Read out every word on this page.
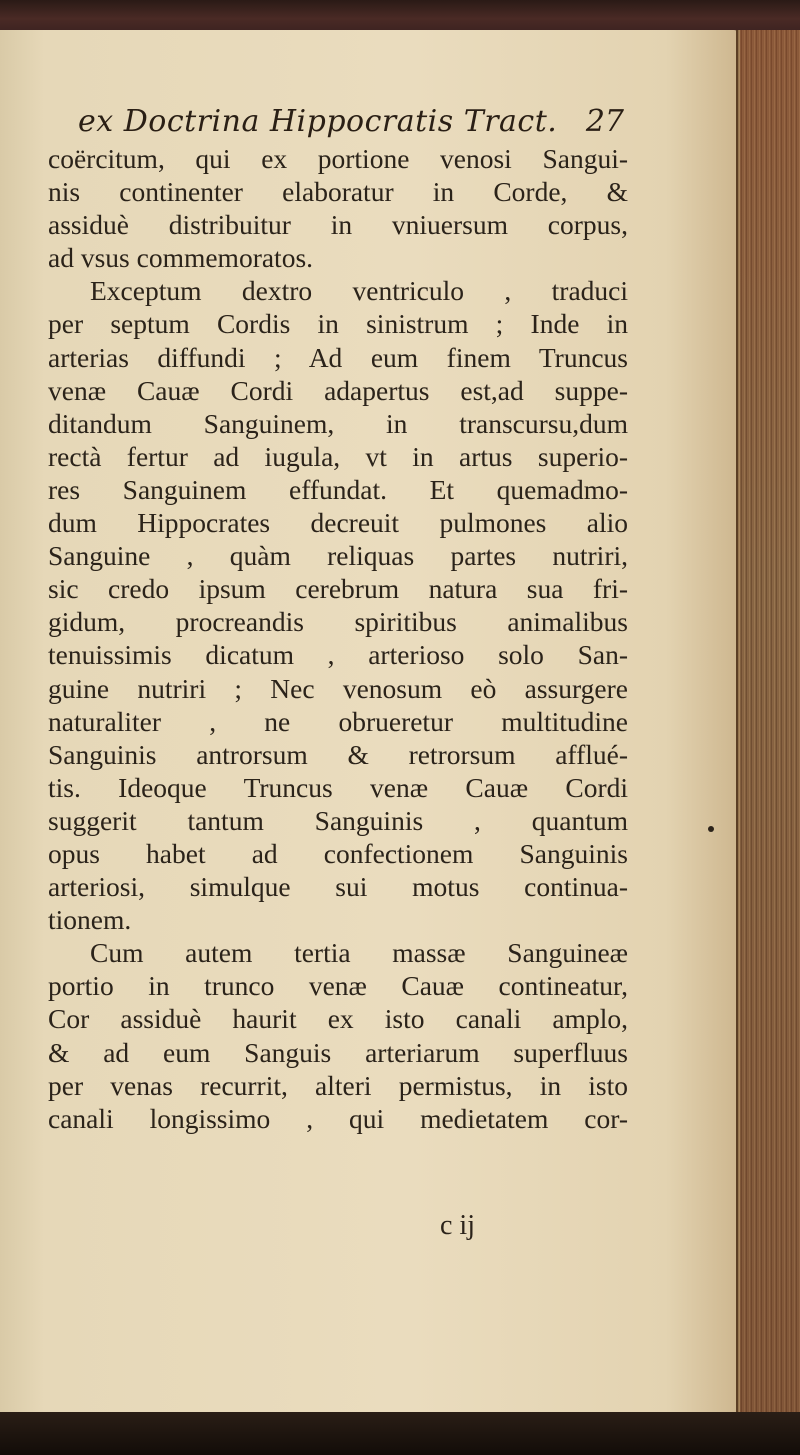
ex Doctrina Hippocratis Tract. 27
coërcitum, qui ex portione venosi Sangui-
nis continenter elaboratur in Corde, &
assiduè distribuitur in vniuersum corpus,
ad vsus commemoratos.
Exceptum dextro ventriculo , traduci
per septum Cordis in sinistrum ; Inde in
arterias diffundi ; Ad eum finem Truncus
venæ Cauæ Cordi adapertus est,ad suppe-
ditandum Sanguinem, in transcursu,dum
rectà fertur ad iugula, vt in artus superio-
res Sanguinem effundat. Et quemadmo-
dum Hippocrates decreuit pulmones alio
Sanguine , quàm reliquas partes nutriri,
sic credo ipsum cerebrum natura sua fri-
gidum, procreandis spiritibus animalibus
tenuissimis dicatum , arterioso solo San-
guine nutriri ; Nec venosum eò assurgere
naturaliter , ne obrueretur multitudine
Sanguinis antrorsum & retrorsum afflué-
tis. Ideoque Truncus venæ Cauæ Cordi
suggerit tantum Sanguinis , quantum
opus habet ad confectionem Sanguinis
arteriosi, simulque sui motus continua-
tionem.
Cum autem tertia massæ Sanguineæ
portio in trunco venæ Cauæ contineatur,
Cor assiduè haurit ex isto canali amplo,
& ad eum Sanguis arteriarum superfluus
per venas recurrit, alteri permistus, in isto
canali longissimo , qui medietatem cor-
c ij
